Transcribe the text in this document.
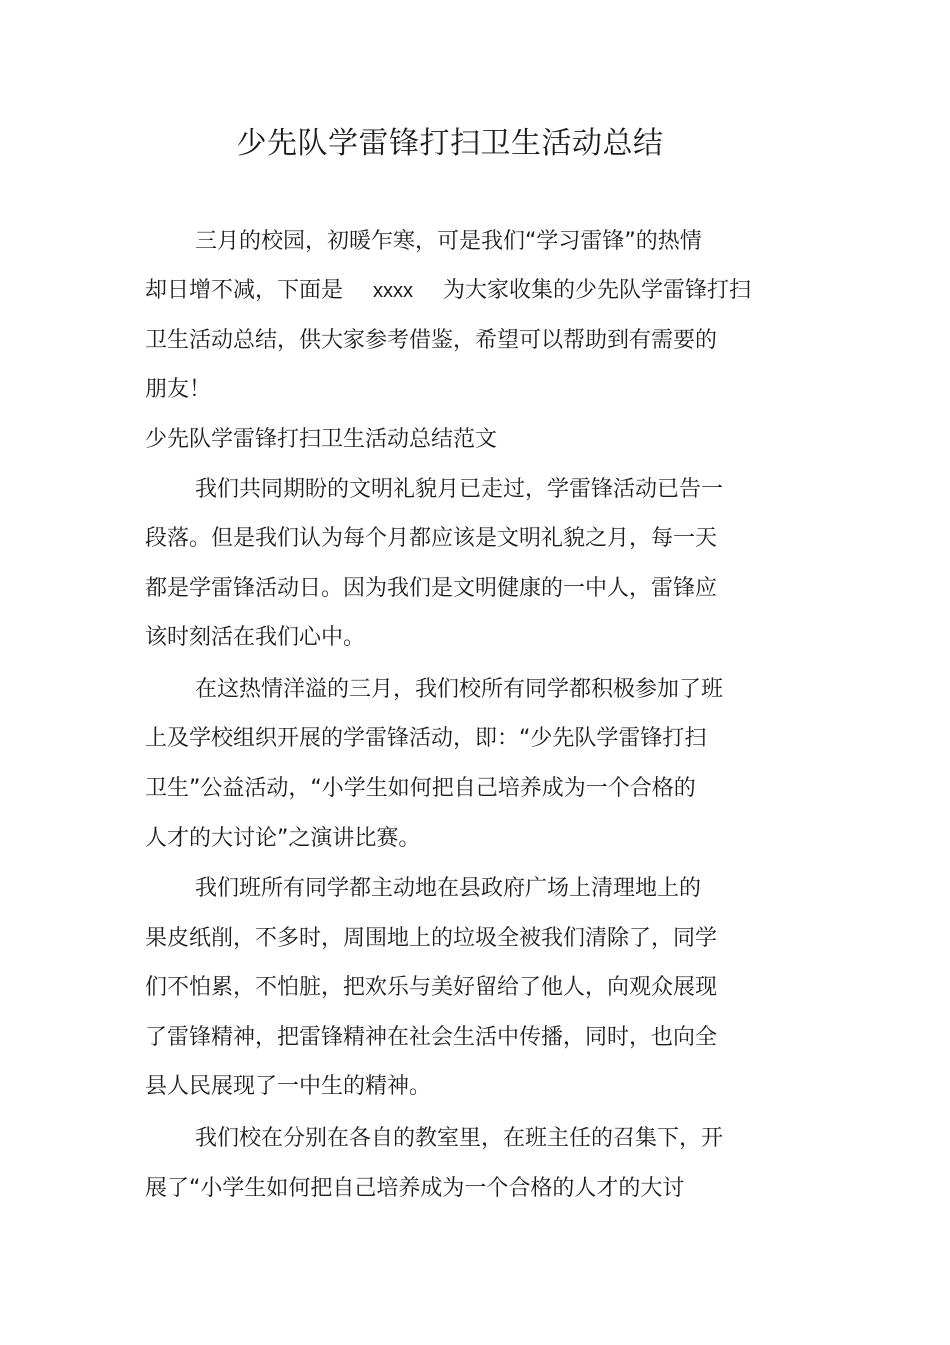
少先队学雷锋打扫卫生活动总结
三月的校园，初暖乍寒，可是我们“学习雷锋”的热情
却日增不减，下面是 xxxx 为大家收集的少先队学雷锋打扫
卫生活动总结，供大家参考借鉴，希望可以帮助到有需要的
朋友！
少先队学雷锋打扫卫生活动总结范文
我们共同期盼的文明礼貌月已走过，学雷锋活动已告一
段落。但是我们认为每个月都应该是文明礼貌之月，每一天
都是学雷锋活动日。因为我们是文明健康的一中人，雷锋应
该时刻活在我们心中。
在这热情洋溢的三月，我们校所有同学都积极参加了班
上及学校组织开展的学雷锋活动，即：“少先队学雷锋打扫
卫生”公益活动，“小学生如何把自己培养成为一个合格的
人才的大讨论”之演讲比赛。
我们班所有同学都主动地在县政府广场上清理地上的
果皮纸削，不多时，周围地上的垃圾全被我们清除了，同学
们不怕累，不怕脏，把欢乐与美好留给了他人，向观众展现
了雷锋精神，把雷锋精神在社会生活中传播，同时，也向全
县人民展现了一中生的精神。
我们校在分别在各自的教室里，在班主任的召集下，开
展了“小学生如何把自己培养成为一个合格的人才的大讨
